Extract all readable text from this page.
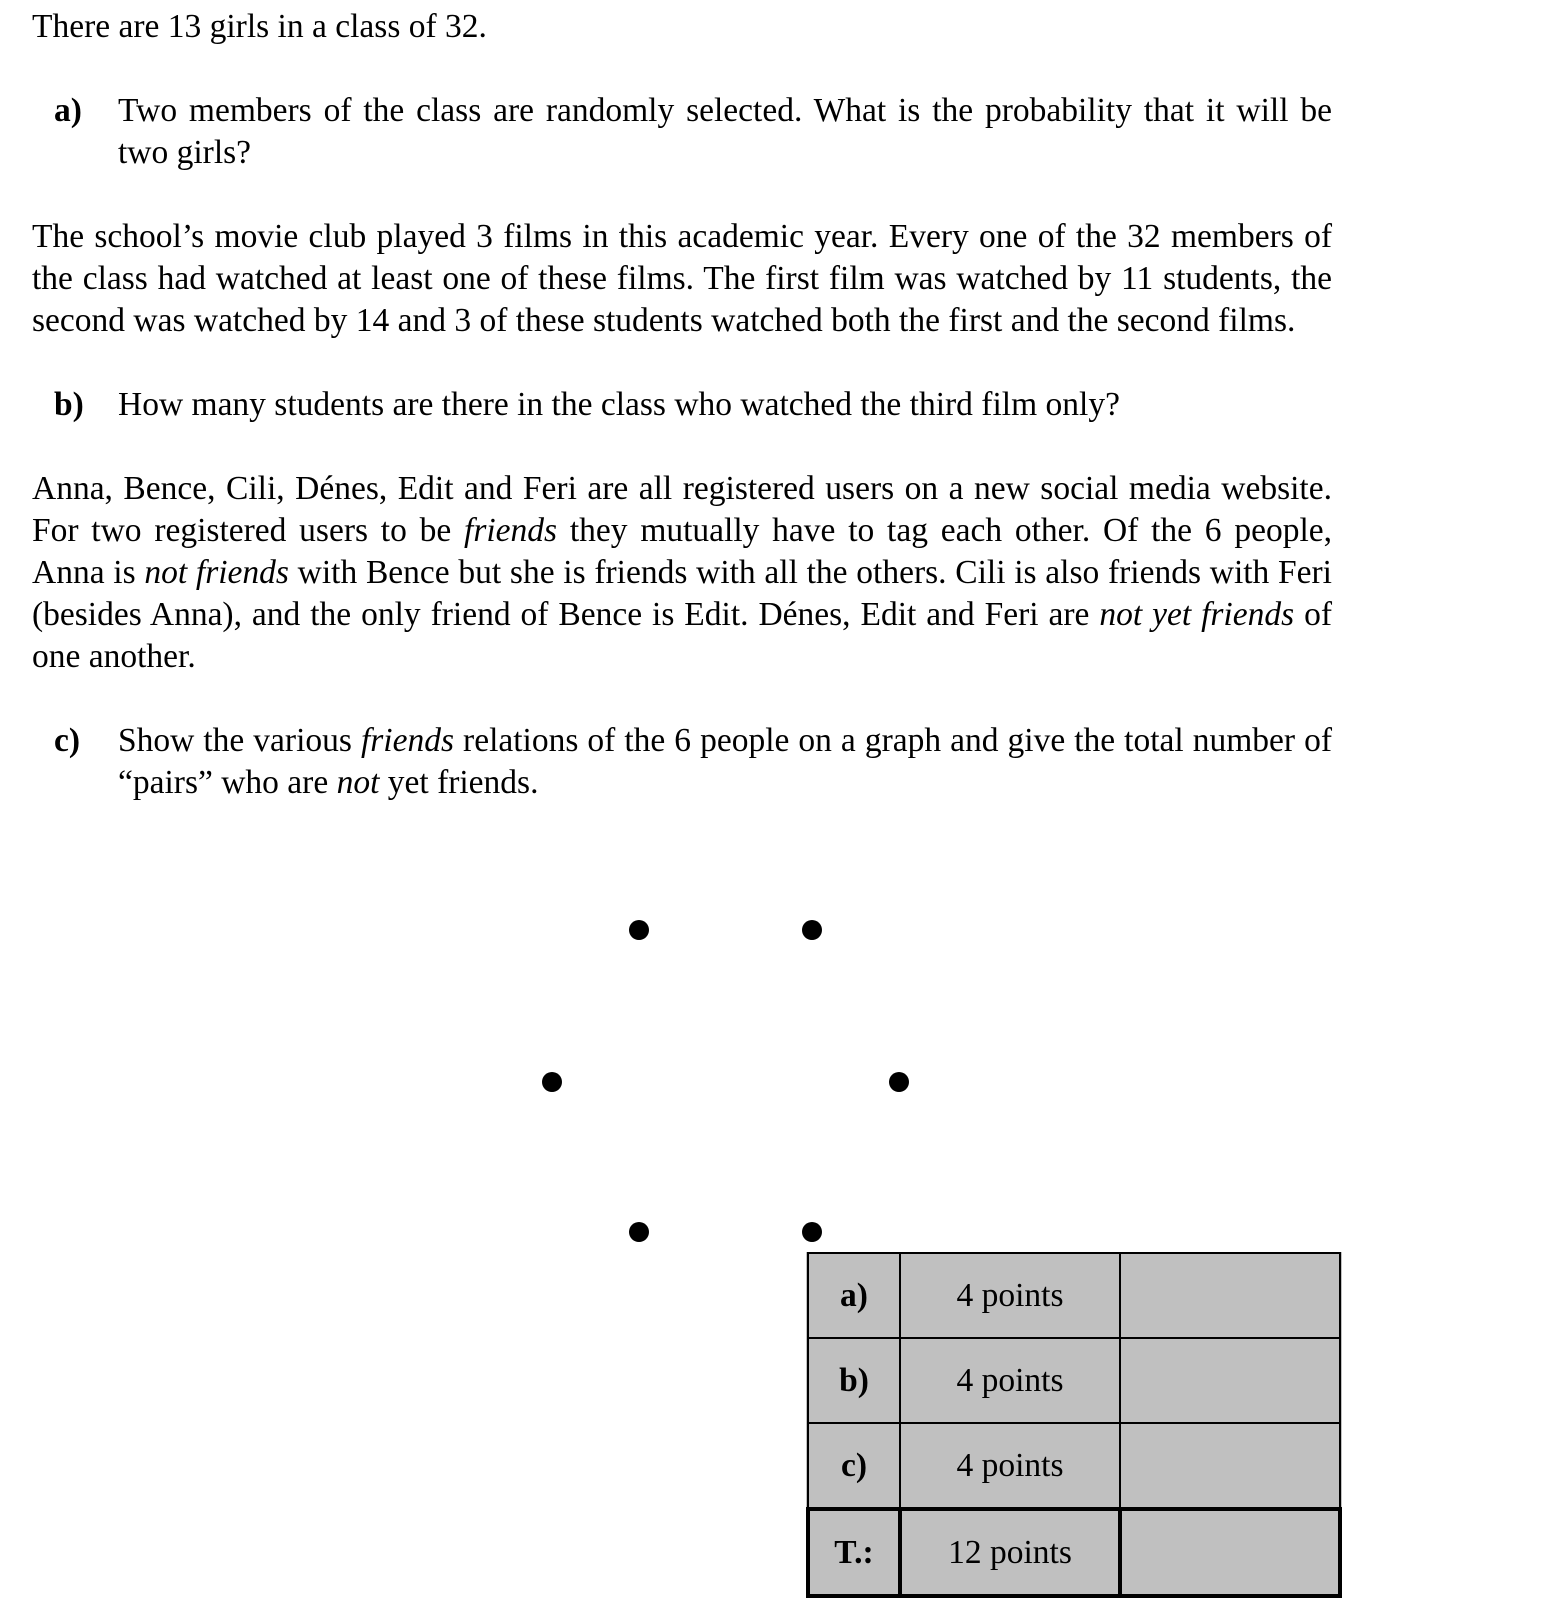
There are 13 girls in a class of 32.

a)	Two members of the class are randomly selected. What is the probability that it will be two girls?

The school’s movie club played 3 films in this academic year. Every one of the 32 members of the class had watched at least one of these films. The first film was watched by 11 students, the second was watched by 14 and 3 of these students watched both the first and the second films.

b)	How many students are there in the class who watched the third film only?

Anna, Bence, Cili, Dénes, Edit and Feri are all registered users on a new social media website. For two registered users to be friends they mutually have to tag each other. Of the 6 people, Anna is not friends with Bence but she is friends with all the others. Cili is also friends with Feri (besides Anna), and the only friend of Bence is Edit. Dénes, Edit and Feri are not yet friends of one another.

c)	Show the various friends relations of the 6 people on a graph and give the total number of “pairs” who are not yet friends.
a)	4 points	
b)	4 points	
c)	4 points	
T.:	12 points	
